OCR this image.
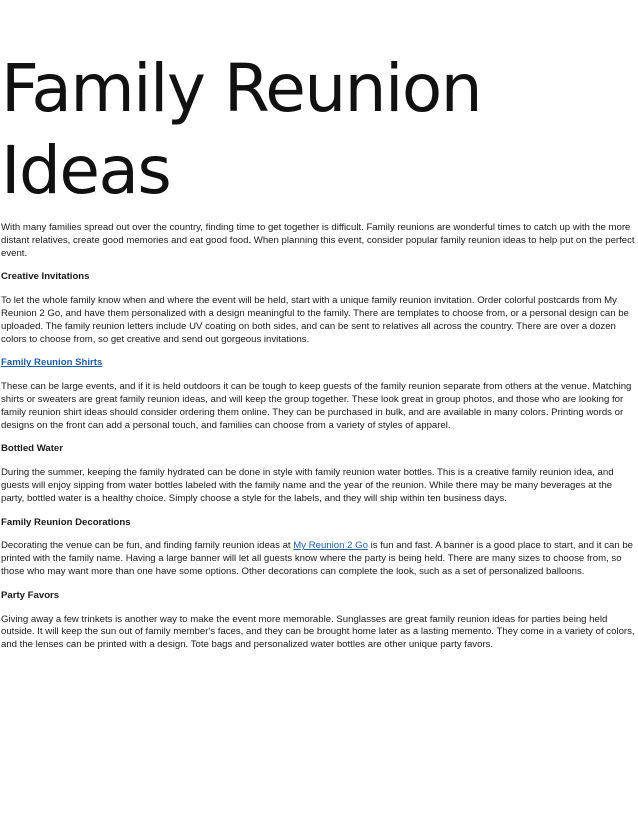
Family Reunion
Ideas

With many families spread out over the country, finding time to get together is difficult. Family reunions are wonderful times to catch up with the more distant relatives, create good memories and eat good food. When planning this event, consider popular family reunion ideas to help put on the perfect event.

Creative Invitations

To let the whole family know when and where the event will be held, start with a unique family reunion invitation. Order colorful postcards from My Reunion 2 Go, and have them personalized with a design meaningful to the family. There are templates to choose from, or a personal design can be uploaded. The family reunion letters include UV coating on both sides, and can be sent to relatives all across the country. There are over a dozen colors to choose from, so get creative and send out gorgeous invitations.

Family Reunion Shirts

These can be large events, and if it is held outdoors it can be tough to keep guests of the family reunion separate from others at the venue. Matching shirts or sweaters are great family reunion ideas, and will keep the group together. These look great in group photos, and those who are looking for family reunion shirt ideas should consider ordering them online. They can be purchased in bulk, and are available in many colors. Printing words or designs on the front can add a personal touch, and families can choose from a variety of styles of apparel.

Bottled Water

During the summer, keeping the family hydrated can be done in style with family reunion water bottles. This is a creative family reunion idea, and guests will enjoy sipping from water bottles labeled with the family name and the year of the reunion. While there may be many beverages at the party, bottled water is a healthy choice. Simply choose a style for the labels, and they will ship within ten business days.

Family Reunion Decorations

Decorating the venue can be fun, and finding family reunion ideas at My Reunion 2 Go is fun and fast. A banner is a good place to start, and it can be printed with the family name. Having a large banner will let all guests know where the party is being held. There are many sizes to choose from, so those who may want more than one have some options. Other decorations can complete the look, such as a set of personalized balloons.

Party Favors

Giving away a few trinkets is another way to make the event more memorable. Sunglasses are great family reunion ideas for parties being held outside. It will keep the sun out of family member's faces, and they can be brought home later as a lasting memento. They come in a variety of colors, and the lenses can be printed with a design. Tote bags and personalized water bottles are other unique party favors.
